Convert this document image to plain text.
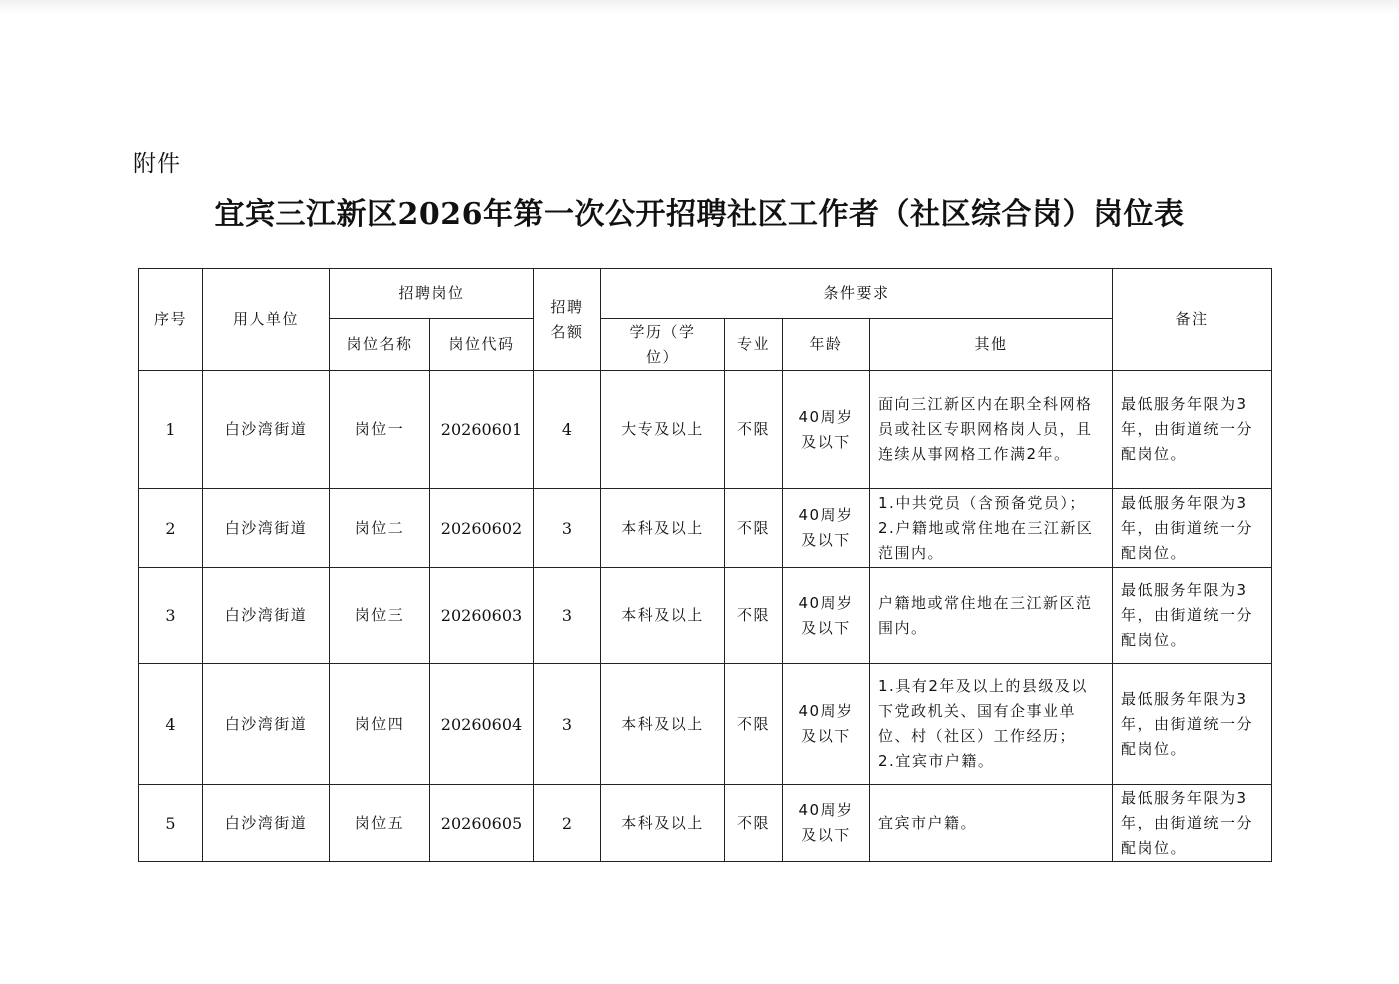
附件
宜宾三江新区2026年第一次公开招聘社区工作者（社区综合岗）岗位表
序号	用人单位	招聘岗位		招聘名额	条件要求				备注
		岗位名称	岗位代码		学历（学位）	专业	年龄	其他	
1	白沙湾街道	岗位一	20260601	4	大专及以上	不限	40周岁及以下	面向三江新区内在职全科网格员或社区专职网格岗人员，且连续从事网格工作满2年。	最低服务年限为3年，由街道统一分配岗位。
2	白沙湾街道	岗位二	20260602	3	本科及以上	不限	40周岁及以下	1.中共党员（含预备党员）；
2.户籍地或常住地在三江新区范围内。	最低服务年限为3年，由街道统一分配岗位。
3	白沙湾街道	岗位三	20260603	3	本科及以上	不限	40周岁及以下	户籍地或常住地在三江新区范围内。	最低服务年限为3年，由街道统一分配岗位。
4	白沙湾街道	岗位四	20260604	3	本科及以上	不限	40周岁及以下	1.具有2年及以上的县级及以下党政机关、国有企事业单位、村（社区）工作经历；
2.宜宾市户籍。	最低服务年限为3年，由街道统一分配岗位。
5	白沙湾街道	岗位五	20260605	2	本科及以上	不限	40周岁及以下	宜宾市户籍。	最低服务年限为3年，由街道统一分配岗位。
